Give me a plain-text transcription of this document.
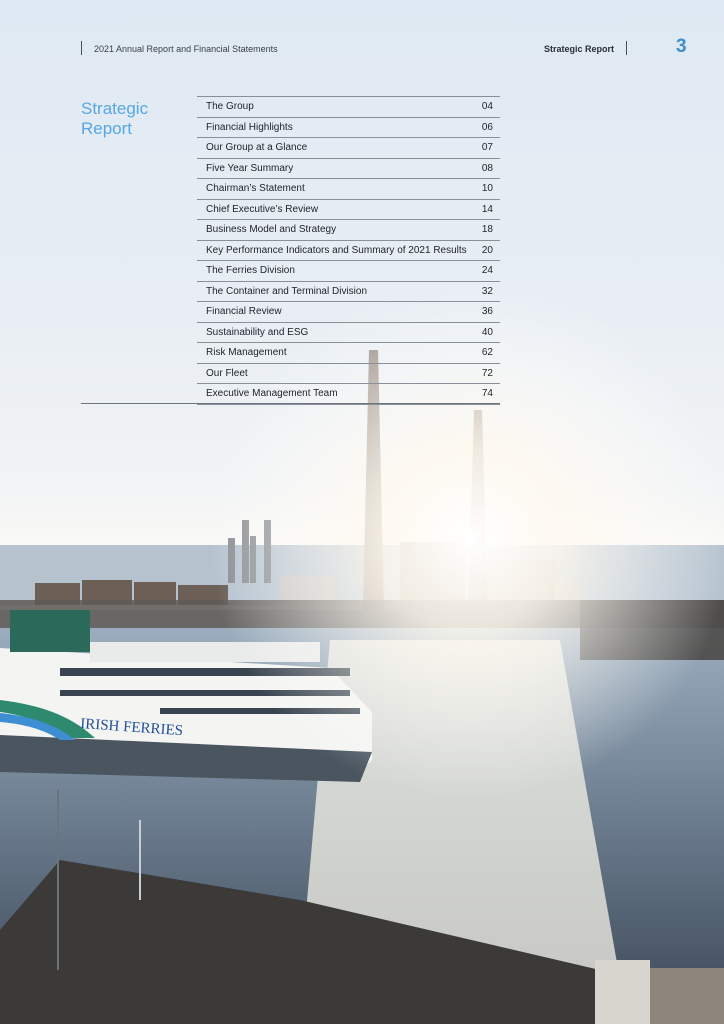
2021 Annual Report and Financial Statements	Strategic Report	3
Strategic
Report
The Group	04
Financial Highlights	06
Our Group at a Glance	07
Five Year Summary	08
Chairman’s Statement	10
Chief Executive’s Review	14
Business Model and Strategy	18
Key Performance Indicators and Summary of 2021 Results	20
The Ferries Division	24
The Container and Terminal Division	32
Financial Review	36
Sustainability and ESG	40
Risk Management	62
Our Fleet	72
Executive Management Team	74
